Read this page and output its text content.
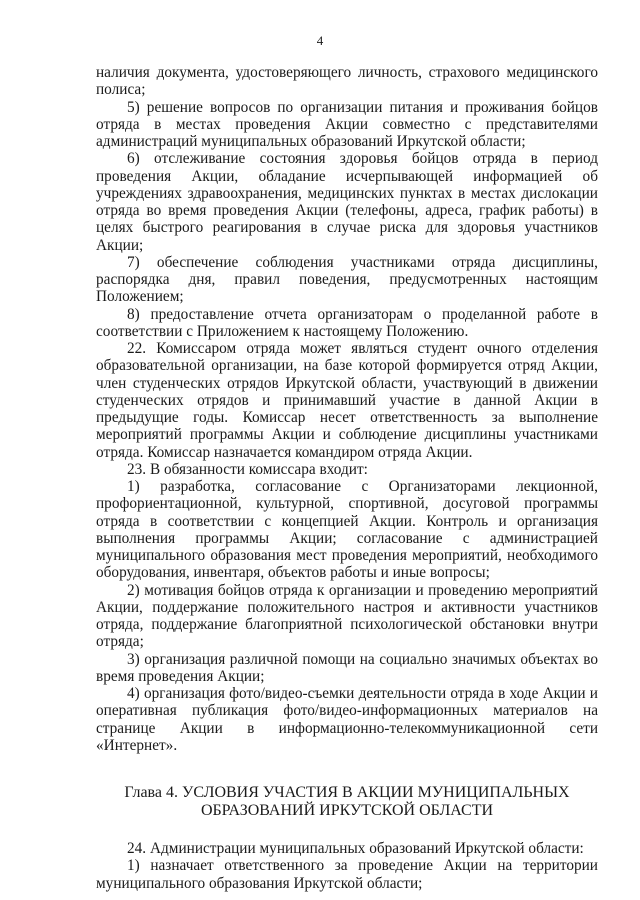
4

наличия документа, удостоверяющего личность, страхового медицинского полиса;

5) решение вопросов по организации питания и проживания бойцов отряда в местах проведения Акции совместно с представителями администраций муниципальных образований Иркутской области;

6) отслеживание состояния здоровья бойцов отряда в период проведения Акции, обладание исчерпывающей информацией об учреждениях здравоохранения, медицинских пунктах в местах дислокации отряда во время проведения Акции (телефоны, адреса, график работы) в целях быстрого реагирования в случае риска для здоровья участников Акции;

7) обеспечение соблюдения участниками отряда дисциплины, распорядка дня, правил поведения, предусмотренных настоящим Положением;

8) предоставление отчета организаторам о проделанной работе в соответствии с Приложением к настоящему Положению.

22. Комиссаром отряда может являться студент очного отделения образовательной организации, на базе которой формируется отряд Акции, член студенческих отрядов Иркутской области, участвующий в движении студенческих отрядов и принимавший участие в данной Акции в предыдущие годы. Комиссар несет ответственность за выполнение мероприятий программы Акции и соблюдение дисциплины участниками отряда. Комиссар назначается командиром отряда Акции.

23. В обязанности комиссара входит:

1) разработка, согласование с Организаторами лекционной, профориентационной, культурной, спортивной, досуговой программы отряда в соответствии с концепцией Акции. Контроль и организация выполнения программы Акции; согласование с администрацией муниципального образования мест проведения мероприятий, необходимого оборудования, инвентаря, объектов работы и иные вопросы;

2) мотивация бойцов отряда к организации и проведению мероприятий Акции, поддержание положительного настроя и активности участников отряда, поддержание благоприятной психологической обстановки внутри отряда;

3) организация различной помощи на социально значимых объектах во время проведения Акции;

4) организация фото/видео-съемки деятельности отряда в ходе Акции и оперативная публикация фото/видео-информационных материалов на странице Акции в информационно-телекоммуникационной сети «Интернет».

Глава 4. УСЛОВИЯ УЧАСТИЯ В АКЦИИ МУНИЦИПАЛЬНЫХ
ОБРАЗОВАНИЙ ИРКУТСКОЙ ОБЛАСТИ

24. Администрации муниципальных образований Иркутской области:

1) назначает ответственного за проведение Акции на территории муниципального образования Иркутской области;
